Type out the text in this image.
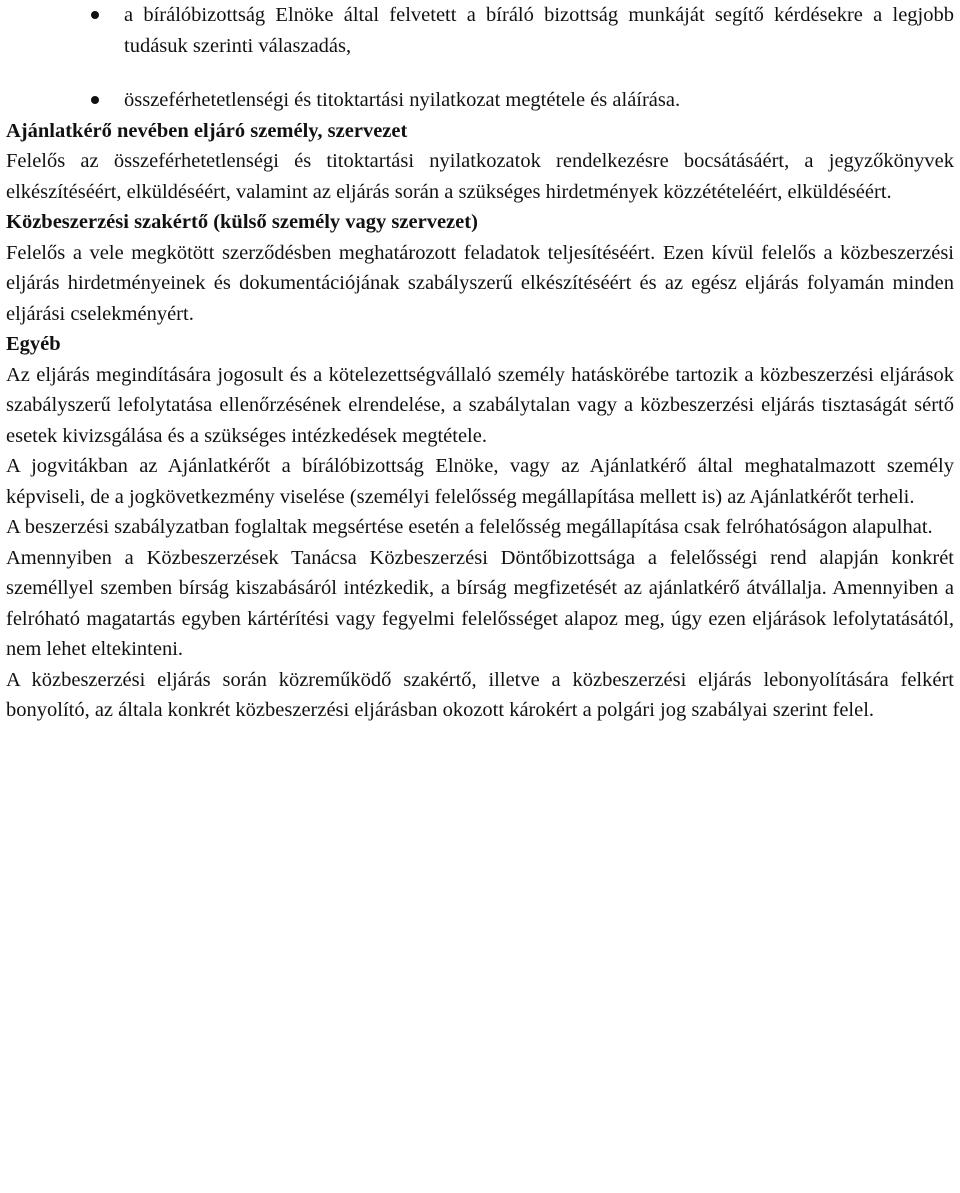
a bírálóbizottság Elnöke által felvetett a bíráló bizottság munkáját segítő kérdésekre a legjobb tudásuk szerinti válaszadás,
összeférhetetlenségi és titoktartási nyilatkozat megtétele és aláírása.
Ajánlatkérő nevében eljáró személy, szervezet

Felelős az összeférhetetlenségi és titoktartási nyilatkozatok rendelkezésre bocsátásáért, a jegyzőkönyvek elkészítéséért, elküldéséért, valamint az eljárás során a szükséges hirdetmények közzétételéért, elküldéséért.

Közbeszerzési szakértő (külső személy vagy szervezet)

Felelős a vele megkötött szerződésben meghatározott feladatok teljesítéséért. Ezen kívül felelős a közbeszerzési eljárás hirdetményeinek és dokumentációjának szabályszerű elkészítéséért és az egész eljárás folyamán minden eljárási cselekményért.

Egyéb

Az eljárás megindítására jogosult és a kötelezettségvállaló személy hatáskörébe tartozik a közbeszerzési eljárások szabályszerű lefolytatása ellenőrzésének elrendelése, a szabálytalan vagy a közbeszerzési eljárás tisztaságát sértő esetek kivizsgálása és a szükséges intézkedések megtétele.

A jogvitákban az Ajánlatkérőt a bírálóbizottság Elnöke, vagy az Ajánlatkérő által meghatalmazott személy képviseli, de a jogkövetkezmény viselése (személyi felelősség megállapítása mellett is) az Ajánlatkérőt terheli.

A beszerzési szabályzatban foglaltak megsértése esetén a felelősség megállapítása csak felróhatóságon alapulhat.

Amennyiben a Közbeszerzések Tanácsa Közbeszerzési Döntőbizottsága a felelősségi rend alapján konkrét személlyel szemben bírság kiszabásáról intézkedik, a bírság megfizetését az ajánlatkérő átvállalja. Amennyiben a felróható magatartás egyben kártérítési vagy fegyelmi felelősséget alapoz meg, úgy ezen eljárások lefolytatásától, nem lehet eltekinteni.

A közbeszerzési eljárás során közreműködő szakértő, illetve a közbeszerzési eljárás lebonyolítására felkért bonyolító, az általa konkrét közbeszerzési eljárásban okozott károkért a polgári jog szabályai szerint felel.
